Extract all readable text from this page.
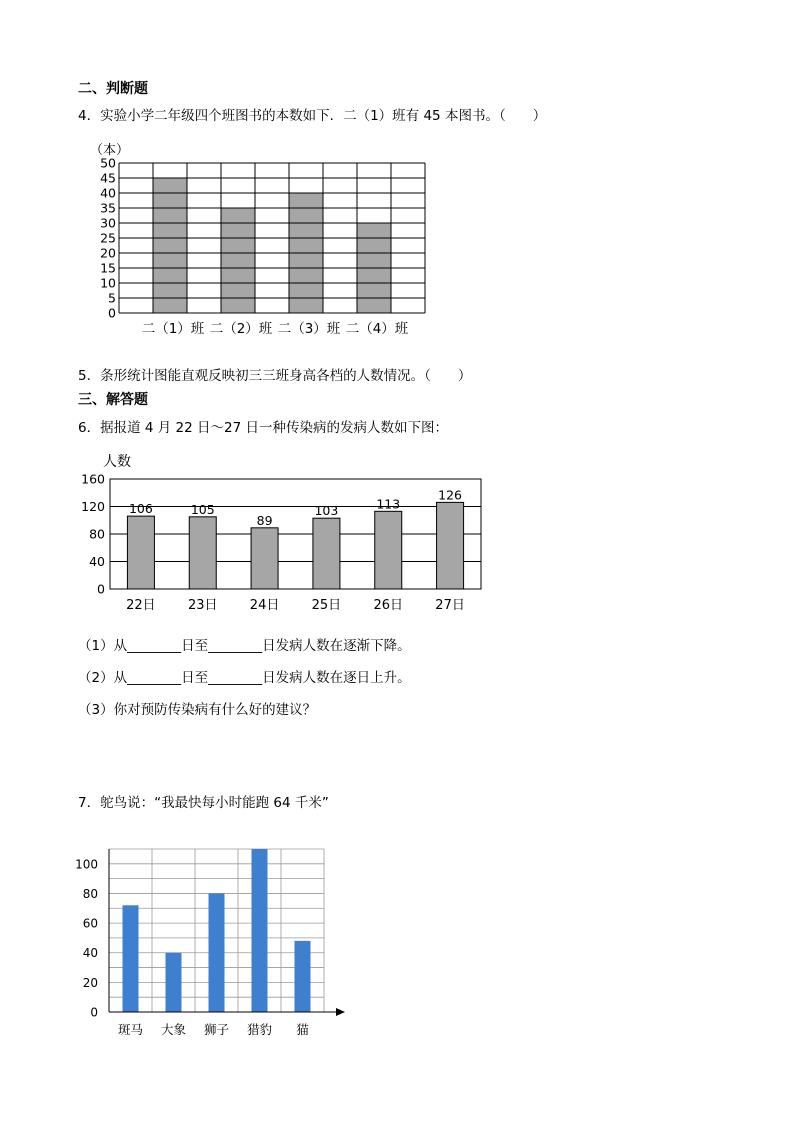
二、判断题
4．实验小学二年级四个班图书的本数如下．二（1）班有 45 本图书。（　　）
0
5
10
15
20
25
30
35
40
45
50
（本）
二（1）班 二（2）班 二（3）班 二（4）班
0
40
80
120
160
106
22日
105
23日
89
24日
103
25日
113
26日
126
27日
人数
斑马 大象 狮子 猎豹 猫
0
20
40
60
80
100
5．条形统计图能直观反映初三三班身高各档的人数情况。（　　）
三、解答题
6．据报道 4 月 22 日～27 日一种传染病的发病人数如下图：
（1）从________日至________日发病人数在逐渐下降。
（2）从________日至________日发病人数在逐日上升。
（3）你对预防传染病有什么好的建议？
7．鸵鸟说：“我最快每小时能跑 64 千米”
